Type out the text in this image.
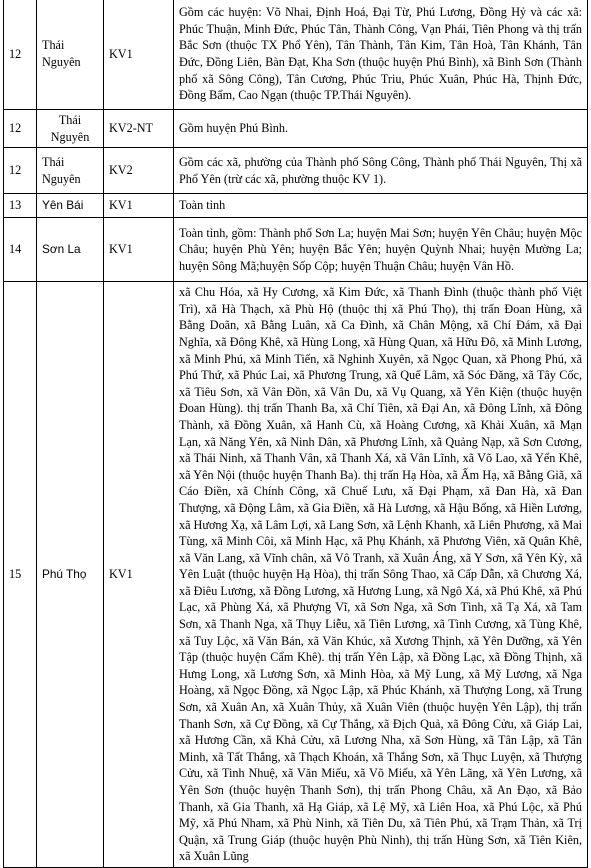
12	Thái Nguyên	KV1	Gồm các huyện: Võ Nhai, Định Hoá, Đại Từ, Phú Lương, Đồng Hỷ và các xã: Phúc Thuận, Minh Đức, Phúc Tân, Thành Công, Vạn Phái, Tiên Phong và thị trấn Bắc Sơn (thuộc TX Phổ Yên), Tân Thành, Tân Kim, Tân Hoà, Tân Khánh, Tân Đức, Đồng Liên, Bàn Đạt, Kha Sơn (thuộc huyện Phú Bình), xã Bình Sơn (Thành phố xã Sông Công), Tân Cương, Phúc Triu, Phúc Xuân, Phúc Hà, Thịnh Đức, Đồng Bẩm, Cao Ngạn (thuộc TP.Thái Nguyên).
12	Thái Nguyên	KV2-NT	Gồm huyện Phú Bình.
12	Thái Nguyên	KV2	Gồm các xã, phường của Thành phố Sông Công, Thành phố Thái Nguyên, Thị xã Phổ Yên (trừ các xã, phường thuộc KV 1).
13	Yên Bái	KV1	Toàn tỉnh
14	Sơn La	KV1	Toàn tỉnh, gồm: Thành phố Sơn La; huyện Mai Sơn; huyện Yên Châu; huyện Mộc Châu; huyện Phù Yên; huyện Bắc Yên; huyện Quỳnh Nhai; huyện Mường La; huyện Sông Mã;huyện Sốp Cộp; huyện Thuận Châu; huyện Vân Hồ.
15	Phú Thọ	KV1	xã Chu Hóa, xã Hy Cương, xã Kim Đức, xã Thanh Đình (thuộc thành phố Việt Trì), xã Hà Thạch, xã Phù Hộ (thuộc thị xã Phú Thọ), thị trấn Đoan Hùng, xã Bằng Doãn, xã Bằng Luân, xã Ca Đình, xã Chân Mộng, xã Chí Đám, xã Đại Nghĩa, xã Đông Khê, xã Hùng Long, xã Hùng Quan, xã Hữu Đô, xã Minh Lương, xã Minh Phú, xã Minh Tiến, xã Nghinh Xuyên, xã Ngọc Quan, xã Phong Phú, xã Phú Thứ, xã Phúc Lai, xã Phương Trung, xã Quế Lâm, xã Sóc Đăng, xã Tây Cốc, xã Tiêu Sơn, xã Vân Đồn, xã Vân Du, xã Vụ Quang, xã Yên Kiện (thuộc huyện Đoan Hùng). thị trấn Thanh Ba, xã Chí Tiên, xã Đại An, xã Đông Lĩnh, xã Đông Thành, xã Đồng Xuân, xã Hanh Cù, xã Hoàng Cương, xã Khải Xuân, xã Mạn Lạn, xã Năng Yên, xã Ninh Dân, xã Phương Lĩnh, xã Quảng Nạp, xã Sơn Cương, xã Thái Ninh, xã Thanh Vân, xã Thanh Xá, xã Vân Lĩnh, xã Võ Lao, xã Yển Khê, xã Yên Nội (thuộc huyện Thanh Ba). thị trấn Hạ Hòa, xã Ấm Hạ, xã Bằng Giã, xã Cáo Điền, xã Chính Công, xã Chuế Lưu, xã Đại Phạm, xã Đan Hà, xã Đan Thượng, xã Động Lâm, xã Gia Điền, xã Hà Lương, xã Hậu Bổng, xã Hiền Lương, xã Hương Xạ, xã Lâm Lợi, xã Lang Sơn, xã Lệnh Khanh, xã Liên Phương, xã Mai Tùng, xã Minh Côi, xã Minh Hạc, xã Phụ Khánh, xã Phương Viên, xã Quân Khê, xã Văn Lang, xã Vĩnh chân, xã Vô Tranh, xã Xuân Áng, xã Y Sơn, xã Yên Kỳ, xã Yên Luật (thuộc huyện Hạ Hòa), thị trấn Sông Thao, xã Cấp Dẫn, xã Chương Xá, xã Điêu Lương, xã Đồng Lương, xã Hương Lung, xã Ngô Xá, xã Phú Khê, xã Phú Lạc, xã Phùng Xá, xã Phượng Vĩ, xã Sơn Nga, xã Sơn Tình, xã Tạ Xá, xã Tam Sơn, xã Thanh Nga, xã Thụy Liễu, xã Tiên Lương, xã Tình Cương, xã Tùng Khê, xã Tuy Lộc, xã Văn Bán, xã Văn Khúc, xã Xương Thịnh, xã Yên Dưỡng, xã Yên Tập (thuộc huyện Cẩm Khê). thị trấn Yên Lập, xã Đồng Lạc, xã Đồng Thịnh, xã Hưng Long, xã Lương Sơn, xã Minh Hòa, xã Mỹ Lung, xã Mỹ Lương, xã Nga Hoàng, xã Ngọc Đồng, xã Ngọc Lập, xã Phúc Khánh, xã Thượng Long, xã Trung Sơn, xã Xuân An, xã Xuân Thủy, xã Xuân Viên (thuộc huyện Yên Lập), thị trấn Thanh Sơn, xã Cự Đồng, xã Cự Thắng, xã Địch Quả, xã Đông Cửu, xã Giáp Lai, xã Hương Cần, xã Khả Cửu, xã Lương Nha, xã Sơn Hùng, xã Tân Lập, xã Tân Minh, xã Tất Thắng, xã Thạch Khoán, xã Thắng Sơn, xã Thục Luyện, xã Thượng Cửu, xã Tinh Nhuệ, xã Văn Miếu, xã Võ Miếu, xã Yên Lãng, xã Yên Lương, xã Yên Sơn (thuộc huyện Thanh Sơn), thị trấn Phong Châu, xã An Đạo, xã Bảo Thanh, xã Gia Thanh, xã Hạ Giáp, xã Lệ Mỹ, xã Liên Hoa, xã Phú Lộc, xã Phú Mỹ, xã Phú Nham, xã Phù Ninh, xã Tiên Du, xã Tiên Phú, xã Trạm Thản, xã Trị Quận, xã Trung Giáp (thuộc huyện Phù Ninh), thị trấn Hùng Sơn, xã Tiên Kiên, xã Xuân Lũng
